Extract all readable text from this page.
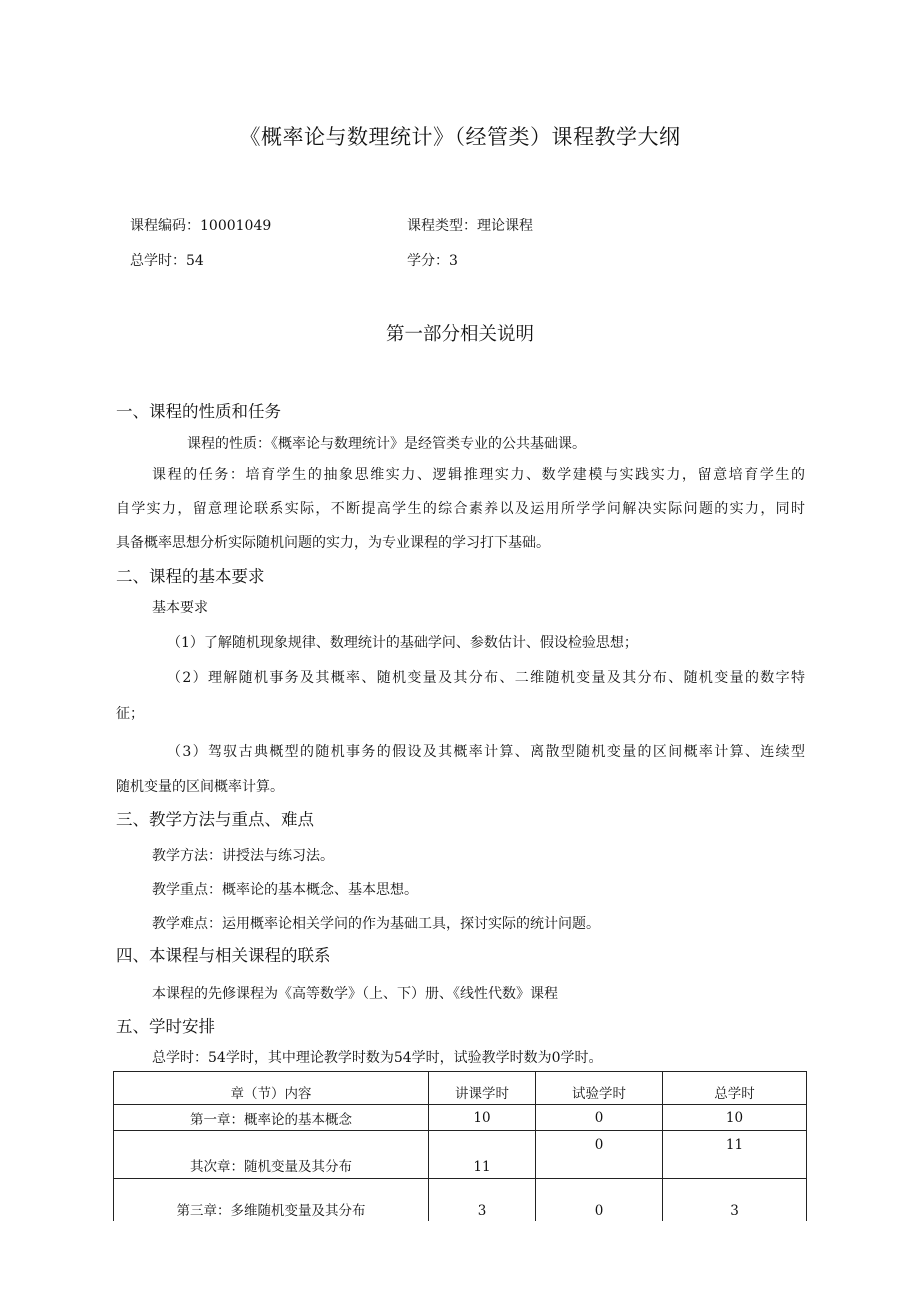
《概率论与数理统计》（经管类）课程教学大纲
课程编码：10001049	课程类型：理论课程
总学时：54	学分：3
第一部分相关说明
一、课程的性质和任务
课程的性质：《概率论与数理统计》是经管类专业的公共基础课。
课程的任务：培育学生的抽象思维实力、逻辑推理实力、数学建模与实践实力，留意培育学生的
自学实力，留意理论联系实际，不断提高学生的综合素养以及运用所学学问解决实际问题的实力，同时
具备概率思想分析实际随机问题的实力，为专业课程的学习打下基础。
二、课程的基本要求
基本要求
（1）了解随机现象规律、数理统计的基础学问、参数估计、假设检验思想；
（2）理解随机事务及其概率、随机变量及其分布、二维随机变量及其分布、随机变量的数字特
征；
（3）驾驭古典概型的随机事务的假设及其概率计算、离散型随机变量的区间概率计算、连续型
随机变量的区间概率计算。
三、教学方法与重点、难点
教学方法：讲授法与练习法。
教学重点：概率论的基本概念、基本思想。
教学难点：运用概率论相关学问的作为基础工具，探讨实际的统计问题。
四、本课程与相关课程的联系
本课程的先修课程为《高等数学》（上、下）册、《线性代数》课程
五、学时安排
总学时：54学时，其中理论教学时数为54学时，试验教学时数为0学时。
章（节）内容	讲课学时	试验学时	总学时
第一章：概率论的基本概念	10	0	10
其次章：随机变量及其分布	11	0	11
第三章：多维随机变量及其分布	3	0	3
